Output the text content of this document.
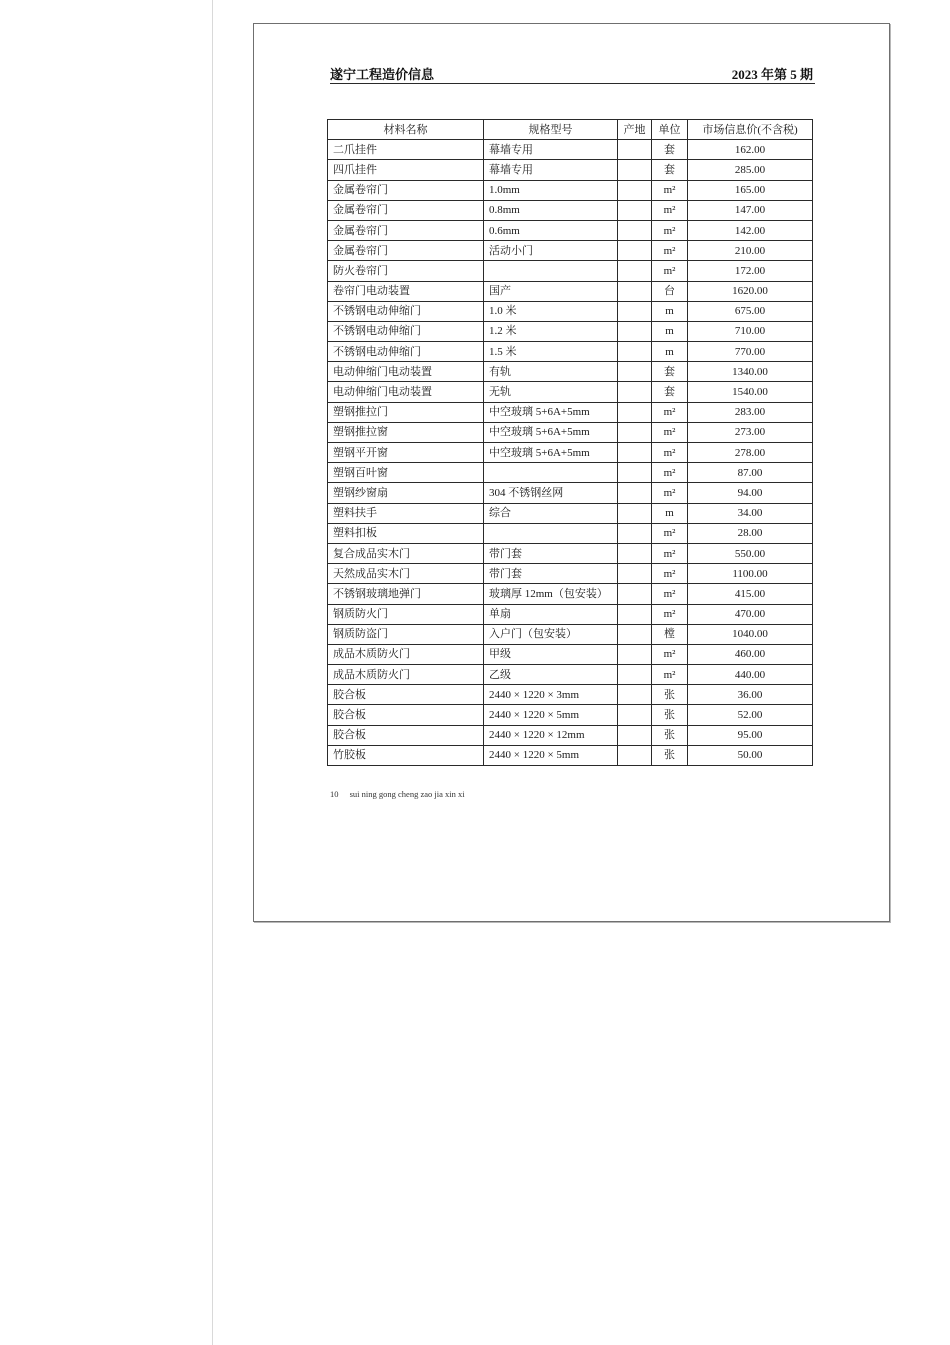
遂宁工程造价信息	2023 年第 5 期
材料名称	规格型号	产地	单位	市场信息价(不含税)
二爪挂件	幕墙专用		套	162.00
四爪挂件	幕墙专用		套	285.00
金属卷帘门	1.0mm		m²	165.00
金属卷帘门	0.8mm		m²	147.00
金属卷帘门	0.6mm		m²	142.00
金属卷帘门	活动小门		m²	210.00
防火卷帘门			m²	172.00
卷帘门电动装置	国产		台	1620.00
不锈钢电动伸缩门	1.0 米		m	675.00
不锈钢电动伸缩门	1.2 米		m	710.00
不锈钢电动伸缩门	1.5 米		m	770.00
电动伸缩门电动装置	有轨		套	1340.00
电动伸缩门电动装置	无轨		套	1540.00
塑钢推拉门	中空玻璃 5+6A+5mm		m²	283.00
塑钢推拉窗	中空玻璃 5+6A+5mm		m²	273.00
塑钢平开窗	中空玻璃 5+6A+5mm		m²	278.00
塑钢百叶窗			m²	87.00
塑钢纱窗扇	304 不锈钢丝网		m²	94.00
塑料扶手	综合		m	34.00
塑料扣板			m²	28.00
复合成品实木门	带门套		m²	550.00
天然成品实木门	带门套		m²	1100.00
不锈钢玻璃地弹门	玻璃厚 12mm（包安装）		m²	415.00
钢质防火门	单扇		m²	470.00
钢质防盗门	入户门（包安装）		樘	1040.00
成品木质防火门	甲级		m²	460.00
成品木质防火门	乙级		m²	440.00
胶合板	2440 × 1220 × 3mm		张	36.00
胶合板	2440 × 1220 × 5mm		张	52.00
胶合板	2440 × 1220 × 12mm		张	95.00
竹胶板	2440 × 1220 × 5mm		张	50.00
10 sui ning gong cheng zao jia xin xi
